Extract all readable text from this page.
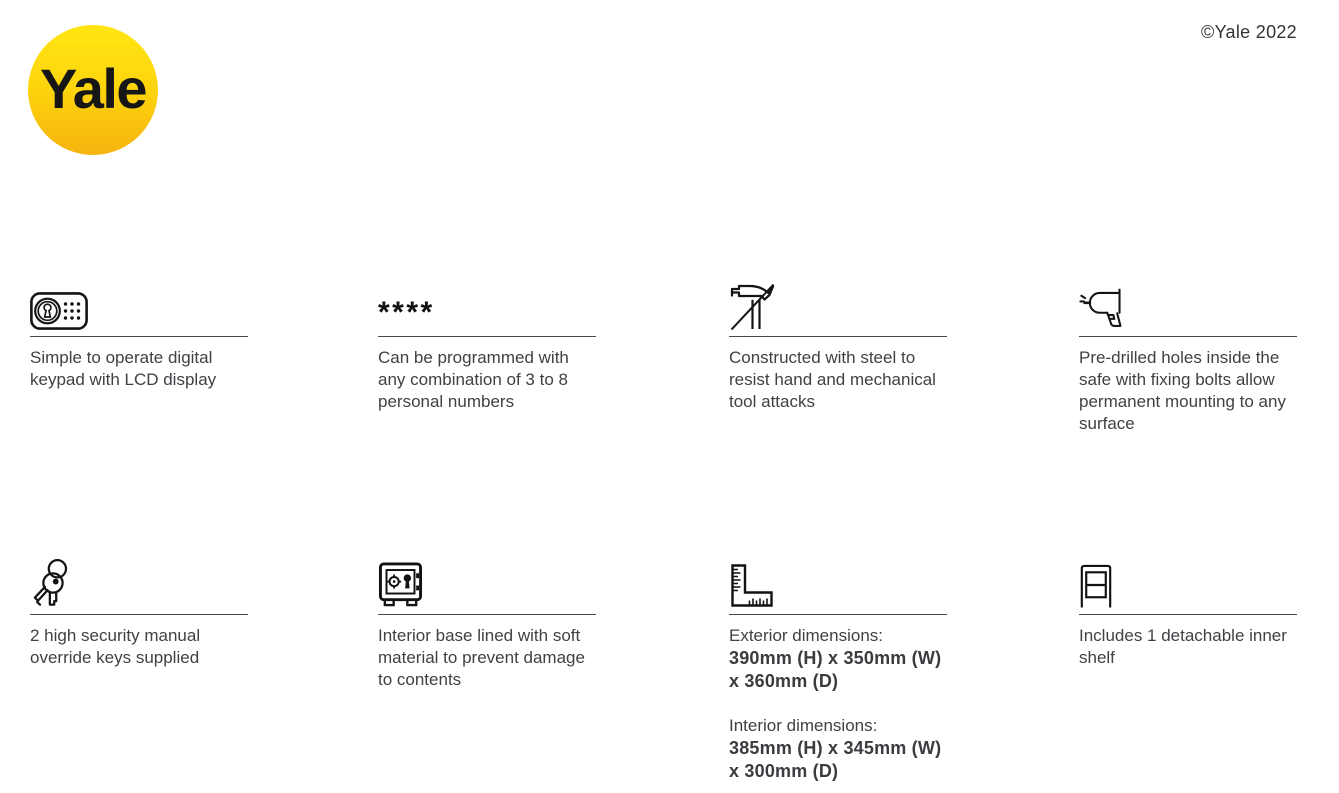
Yale
©Yale 2022

Simple to operate digital keypad with LCD display

****

Can be programmed with any combination of 3 to 8 personal numbers

Constructed with steel to resist hand and mechanical tool attacks

Pre-drilled holes inside the safe with fixing bolts allow permanent mounting to any surface

2 high security manual override keys supplied

Interior base lined with soft material to prevent damage to contents

Exterior dimensions:

390mm (H) x 350mm (W) x 360mm (D)

Interior dimensions:

385mm (H) x 345mm (W) x 300mm (D)

Includes 1 detachable inner shelf
